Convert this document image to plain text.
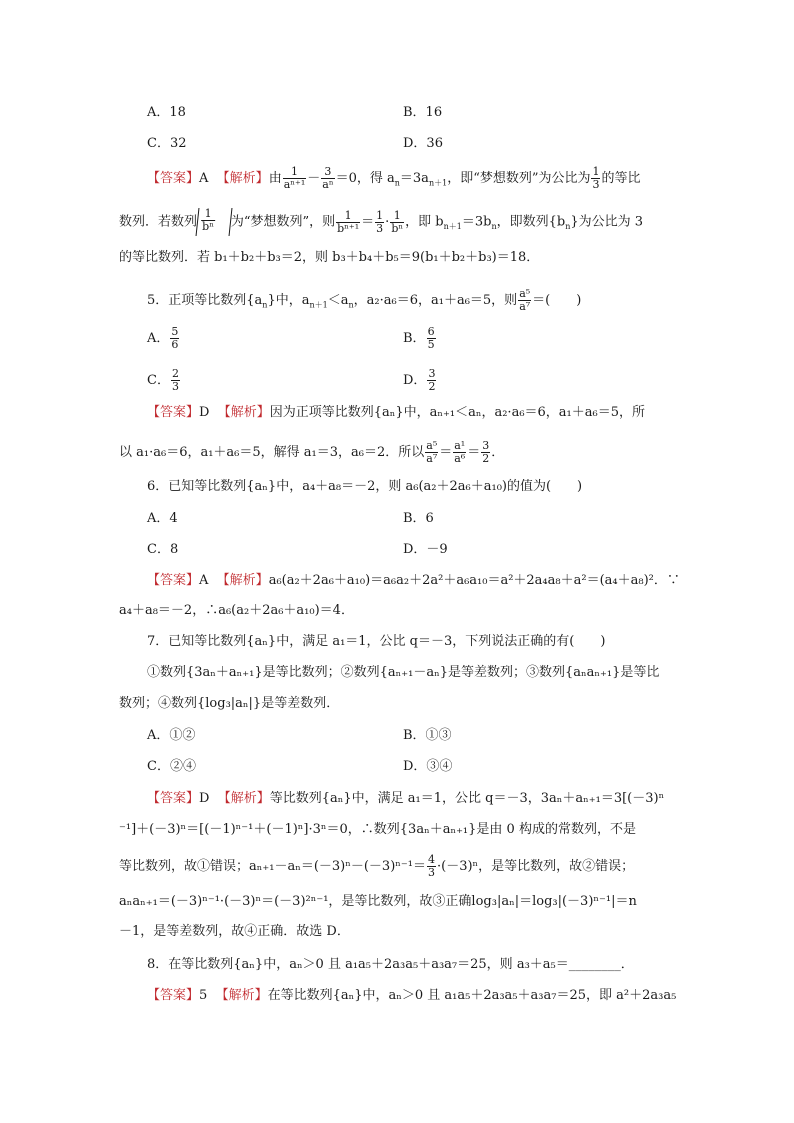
A．18	B．16
C．32	D．36
【答案】A 【解析】由 $\frac{1}{\text{aⁿ⁺¹}} - \frac{3}{\text{aⁿ}} =0$，得 $a_n=3a_{n+1}$，即“梦想数列”为公比为 $\frac{1}{3}$ 的等比
数列．若数列 $\frac{1}{\text{bⁿ}}$ 为“梦想数列”，则 $\frac{1}{\text{bⁿ⁺¹}} = \frac{1}{3} \cdot \frac{1}{\text{bⁿ}}$ ，即 $b_{n+1}=3b_n$，即数列$\{b_n\}$为公比为 3
的等比数列．若 b₁＋b₂＋b₃＝2，则 b₃＋b₄＋b₅＝9(b₁＋b₂＋b₃)＝18．
5．正项等比数列$\{a_n\}$中，$a_{n+1}<a_n$，a₂·a₆＝6，a₁＋a₆＝5，则 $\frac{\text{a⁵}}{\text{a⁷}}$ ＝(　　)
A． $\frac{5}{6}$	B． $\frac{6}{5}$
C． $\frac{2}{3}$	D． $\frac{3}{2}$
【答案】D 【解析】因为正项等比数列{aₙ}中，aₙ₊₁＜aₙ，a₂·a₆＝6，a₁＋a₆＝5，所
以 a₁·a₆＝6，a₁＋a₆＝5，解得 a₁＝3，a₆＝2．所以 $\frac{\text{a⁵}}{\text{a⁷}} = \frac{\text{a¹}}{\text{a⁶}} = \frac{3}{2}$ ．
6．已知等比数列{aₙ}中，a₄＋a₈＝－2，则 a₆(a₂＋2a₆＋a₁₀)的值为(　　)
A．4	B．6
C．8	D．－9
【答案】A 【解析】a₆(a₂＋2a₆＋a₁₀)＝a₆a₂＋2a²＋a₆a₁₀＝a²＋2a₄a₈＋a²＝(a₄＋a₈)²．∵
a₄＋a₈＝－2，∴a₆(a₂＋2a₆＋a₁₀)＝4．
7．已知等比数列{aₙ}中，满足 a₁＝1，公比 q＝－3，下列说法正确的有(　　)
①数列{3aₙ＋aₙ₊₁}是等比数列；②数列{aₙ₊₁－aₙ}是等差数列；③数列{aₙaₙ₊₁}是等比
数列；④数列{log₃|aₙ|}是等差数列．
A．①②	B．①③
C．②④	D．③④
【答案】D 【解析】等比数列{aₙ}中，满足 a₁＝1，公比 q＝－3，3aₙ＋aₙ₊₁＝3[(－3)ⁿ
⁻¹]＋(－3)ⁿ＝[(－1)ⁿ⁻¹＋(－1)ⁿ]·3ⁿ＝0，∴数列{3aₙ＋aₙ₊₁}是由 0 构成的常数列，不是
等比数列，故①错误；$a_{n+1}-a_n=(-3)^n-(-3)^{n-1}= \frac{4}{3} \cdot(-3)^n$，是等比数列，故②错误；
aₙaₙ₊₁＝(－3)ⁿ⁻¹·(－3)ⁿ＝(－3)²ⁿ⁻¹，是等比数列，故③正确log₃|aₙ|＝log₃|(－3)ⁿ⁻¹|＝n
－1，是等差数列，故④正确．故选 D．
8．在等比数列{aₙ}中，aₙ＞0 且 a₁a₅＋2a₃a₅＋a₃a₇＝25，则 a₃＋a₅＝________．
【答案】5 【解析】在等比数列{aₙ}中，aₙ＞0 且 a₁a₅＋2a₃a₅＋a₃a₇＝25，即 a²＋2a₃a₅
